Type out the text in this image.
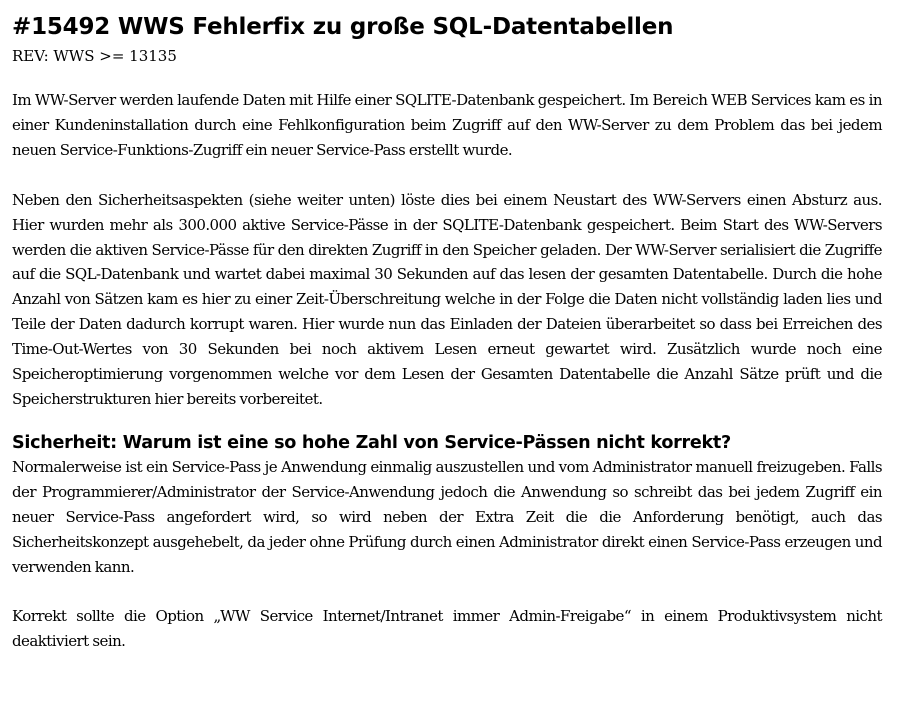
#15492 WWS Fehlerfix zu große SQL-Datentabellen
REV: WWS >= 13135

Im WW-Server werden laufende Daten mit Hilfe einer SQLITE-Datenbank gespeichert. Im Bereich WEB Services kam es in einer Kundeninstallation durch eine Fehlkonfiguration beim Zugriff auf den WW-Server zu dem Problem das bei jedem neuen Service-Funktions-Zugriff ein neuer Service-Pass erstellt wurde.

Neben den Sicherheitsaspekten (siehe weiter unten) löste dies bei einem Neustart des WW-Servers einen Absturz aus. Hier wurden mehr als 300.000 aktive Service-Pässe in der SQLITE-Datenbank gespeichert. Beim Start des WW-Servers werden die aktiven Service-Pässe für den direkten Zugriff in den Speicher geladen. Der WW-Server serialisiert die Zugriffe auf die SQL-Datenbank und wartet dabei maximal 30 Sekunden auf das lesen der gesamten Datentabelle. Durch die hohe Anzahl von Sätzen kam es hier zu einer Zeit-Überschreitung welche in der Folge die Daten nicht vollständig laden lies und Teile der Daten dadurch korrupt waren. Hier wurde nun das Einladen der Dateien überarbeitet so dass bei Erreichen des Time-Out-Wertes von 30 Sekunden bei noch aktivem Lesen erneut gewartet wird. Zusätzlich wurde noch eine Speicheroptimierung vorgenommen welche vor dem Lesen der Gesamten Datentabelle die Anzahl Sätze prüft und die Speicherstrukturen hier bereits vorbereitet.

Sicherheit: Warum ist eine so hohe Zahl von Service-Pässen nicht korrekt?

Normalerweise ist ein Service-Pass je Anwendung einmalig auszustellen und vom Administrator manuell freizugeben. Falls der Programmierer/Administrator der Service-Anwendung jedoch die Anwendung so schreibt das bei jedem Zugriff ein neuer Service-Pass angefordert wird, so wird neben der Extra Zeit die die Anforderung benötigt, auch das Sicherheitskonzept ausgehebelt, da jeder ohne Prüfung durch einen Administrator direkt einen Service-Pass erzeugen und verwenden kann.

Korrekt sollte die Option „WW Service Internet/Intranet immer Admin-Freigabe“ in einem Produktivsystem nicht deaktiviert sein.
